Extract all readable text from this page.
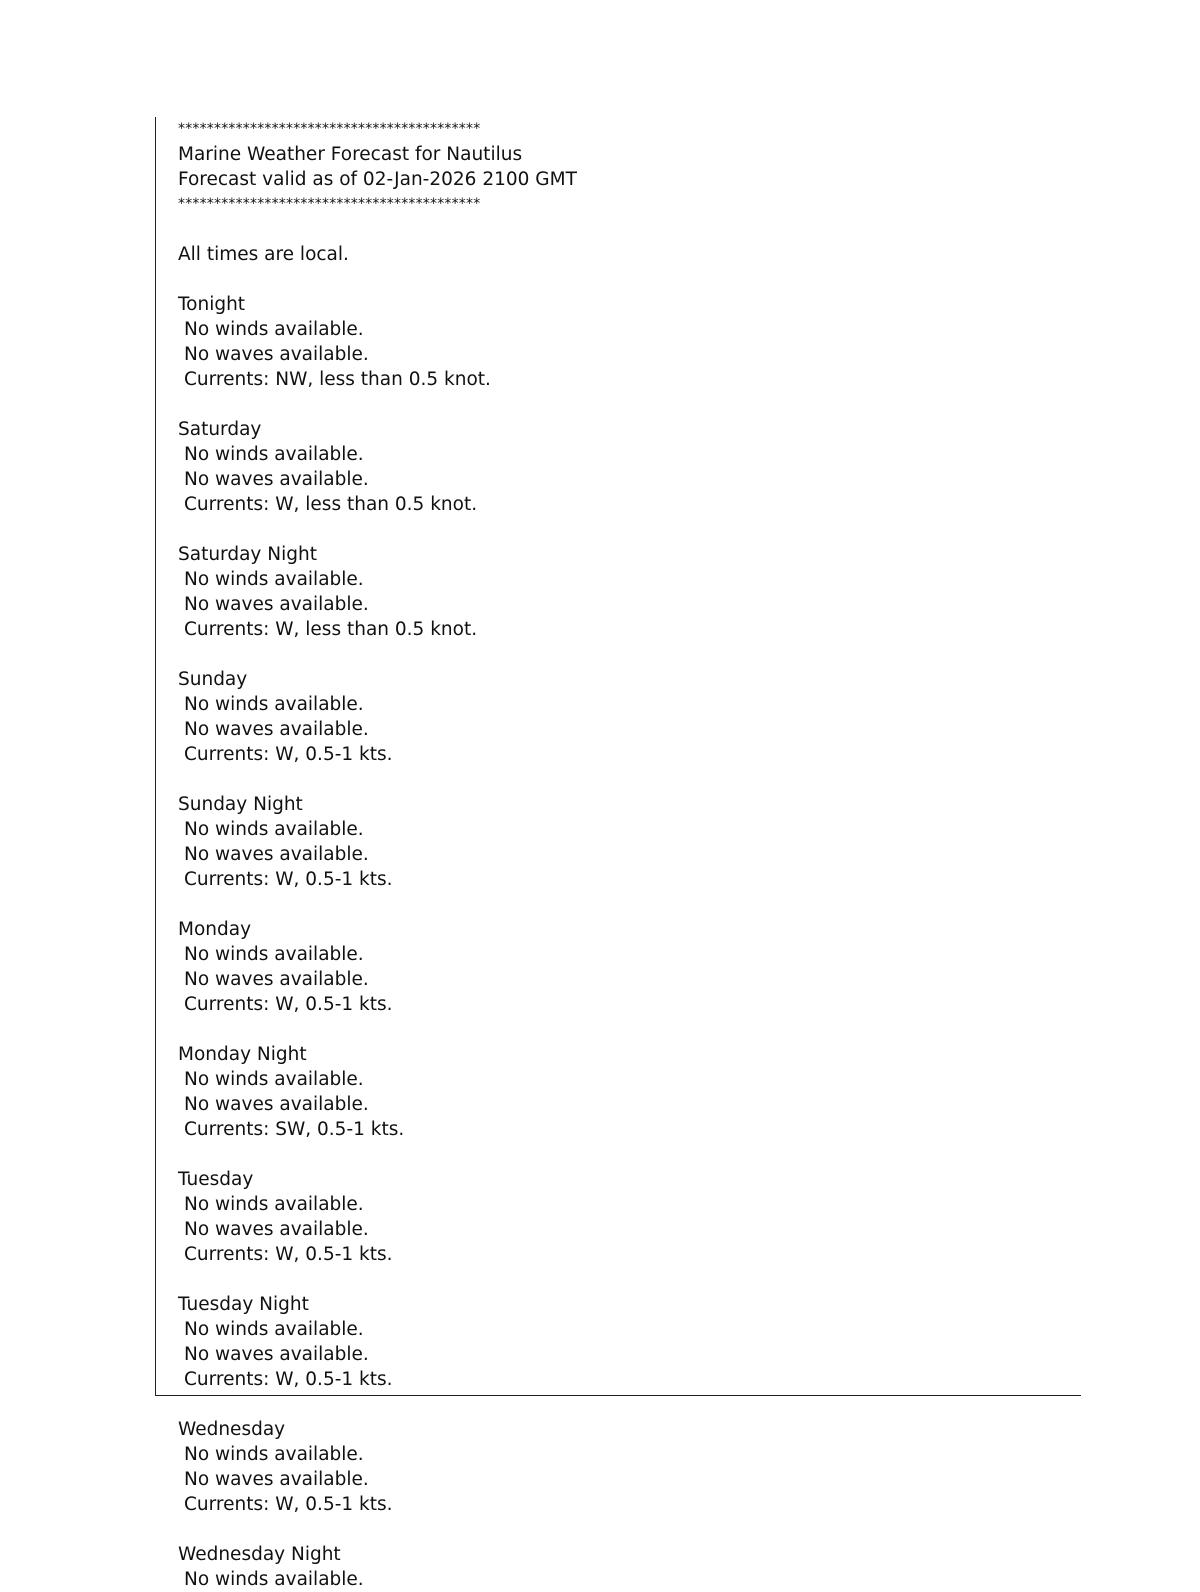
******************************************
Marine Weather Forecast for Nautilus
Forecast valid as of 02-Jan-2026 2100 GMT
******************************************
All times are local.
Tonight
No winds available.
No waves available.
Currents: NW, less than 0.5 knot.
Saturday
No winds available.
No waves available.
Currents: W, less than 0.5 knot.
Saturday Night
No winds available.
No waves available.
Currents: W, less than 0.5 knot.
Sunday
No winds available.
No waves available.
Currents: W, 0.5-1 kts.
Sunday Night
No winds available.
No waves available.
Currents: W, 0.5-1 kts.
Monday
No winds available.
No waves available.
Currents: W, 0.5-1 kts.
Monday Night
No winds available.
No waves available.
Currents: SW, 0.5-1 kts.
Tuesday
No winds available.
No waves available.
Currents: W, 0.5-1 kts.
Tuesday Night
No winds available.
No waves available.
Currents: W, 0.5-1 kts.
Wednesday
No winds available.
No waves available.
Currents: W, 0.5-1 kts.
Wednesday Night
No winds available.
